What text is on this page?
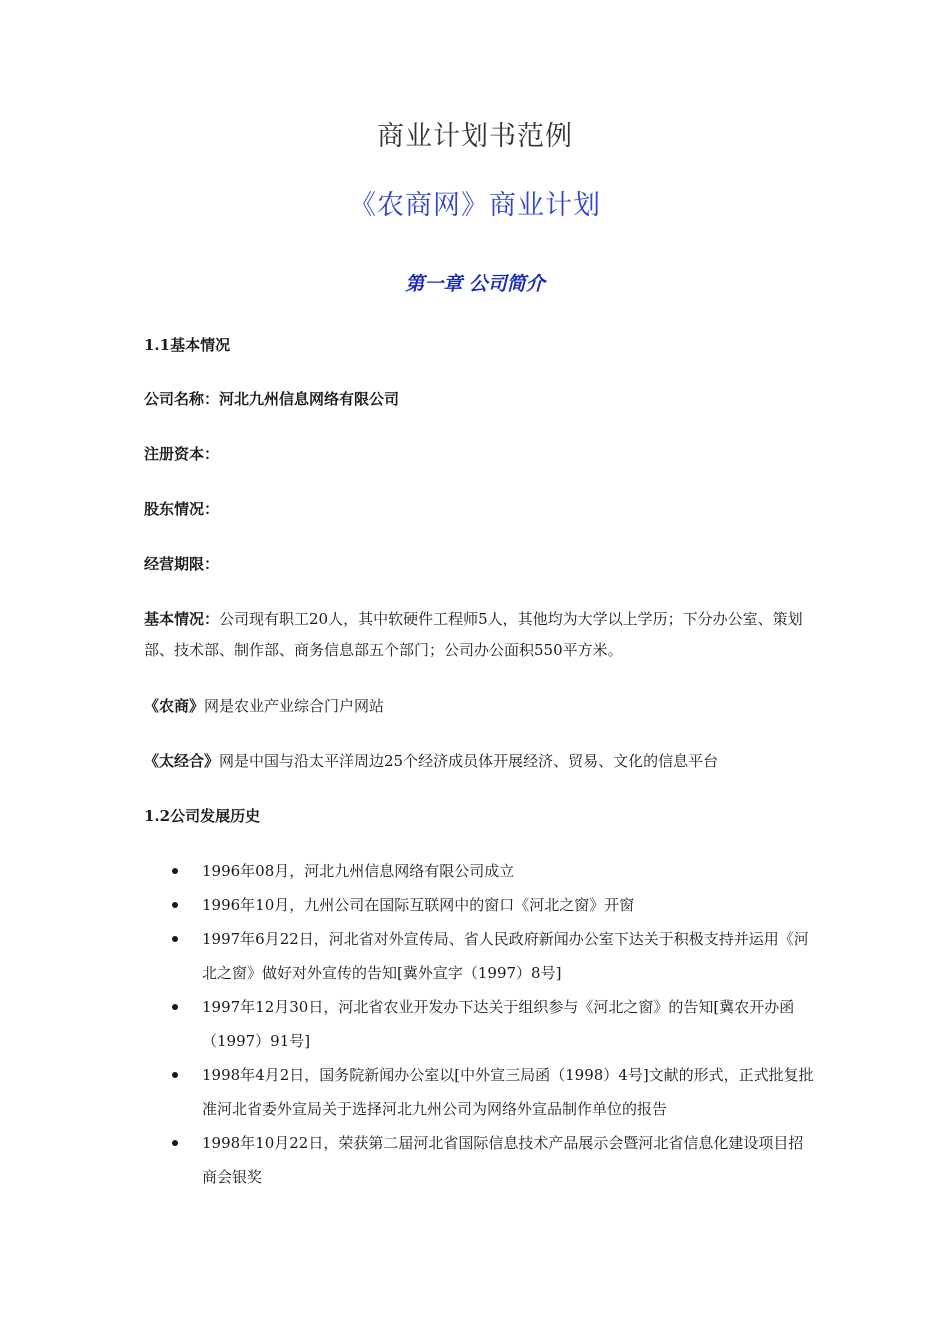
商业计划书范例
《农商网》商业计划
第一章 公司简介
1.1基本情况
公司名称：河北九州信息网络有限公司
注册资本：
股东情况：
经营期限：
基本情况：公司现有职工20人，其中软硬件工程师5人，其他均为大学以上学历；下分办公室、策划部、技术部、制作部、商务信息部五个部门；公司办公面积550平方米。
《农商》网是农业产业综合门户网站
《太经合》网是中国与沿太平洋周边25个经济成员体开展经济、贸易、文化的信息平台
1.2公司发展历史
1996年08月，河北九州信息网络有限公司成立
1996年10月，九州公司在国际互联网中的窗口《河北之窗》开窗
1997年6月22日，河北省对外宣传局、省人民政府新闻办公室下达关于积极支持并运用《河北之窗》做好对外宣传的告知[冀外宣字（1997）8号]
1997年12月30日，河北省农业开发办下达关于组织参与《河北之窗》的告知[冀农开办函（1997）91号]
1998年4月2日，国务院新闻办公室以[中外宣三局函（1998）4号]文献的形式，正式批复批准河北省委外宣局关于选择河北九州公司为网络外宣品制作单位的报告
1998年10月22日，荣获第二届河北省国际信息技术产品展示会暨河北省信息化建设项目招商会银奖
